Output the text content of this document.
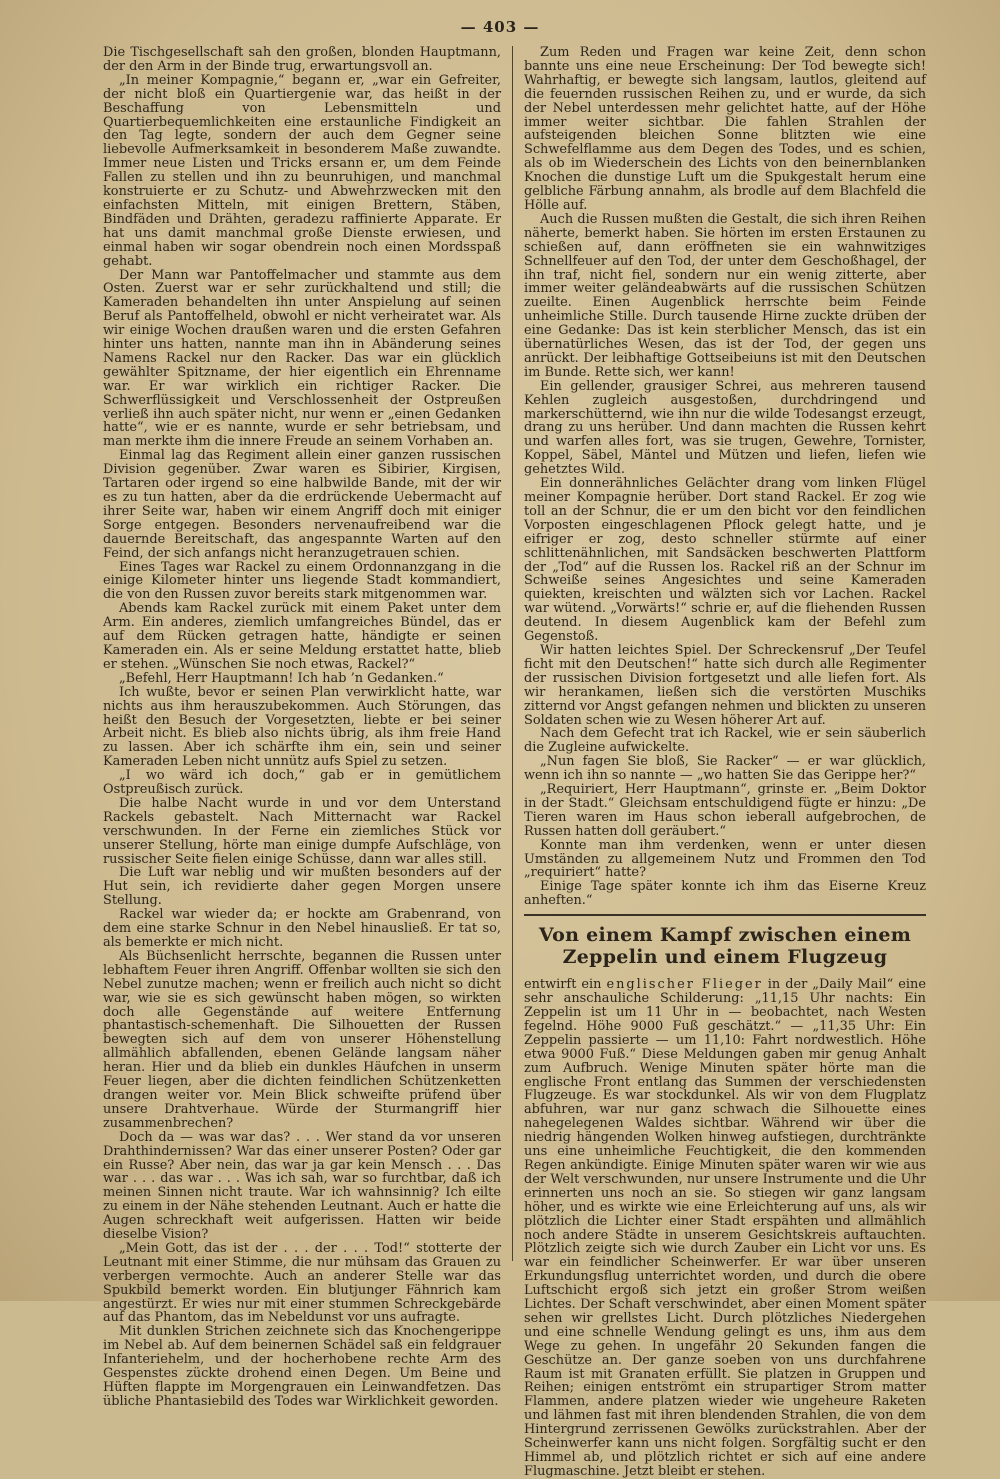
— 403 —

Die Tischgesellschaft sah den großen, blonden Hauptmann, der den Arm in der Binde trug, erwartungsvoll an.

„In meiner Kompagnie,“ begann er, „war ein Gefreiter, der nicht bloß ein Quartiergenie war, das heißt in der Beschaffung von Lebensmitteln und Quartierbequemlichkeiten eine erstaunliche Findigkeit an den Tag legte, sondern der auch dem Gegner seine liebevolle Aufmerksamkeit in besonderem Maße zuwandte. Immer neue Listen und Tricks ersann er, um dem Feinde Fallen zu stellen und ihn zu beunruhigen, und manchmal konstruierte er zu Schutz- und Abwehrzwecken mit den einfachsten Mitteln, mit einigen Brettern, Stäben, Bindfäden und Drähten, geradezu raffinierte Apparate. Er hat uns damit manchmal große Dienste erwiesen, und einmal haben wir sogar obendrein noch einen Mordsspaß gehabt.

Der Mann war Pantoffelmacher und stammte aus dem Osten. Zuerst war er sehr zurückhaltend und still; die Kameraden behandelten ihn unter Anspielung auf seinen Beruf als Pantoffelheld, obwohl er nicht verheiratet war. Als wir einige Wochen draußen waren und die ersten Gefahren hinter uns hatten, nannte man ihn in Abänderung seines Namens Rackel nur den Racker. Das war ein glücklich gewählter Spitzname, der hier eigentlich ein Ehrenname war. Er war wirklich ein richtiger Racker. Die Schwerflüssigkeit und Verschlossenheit der Ostpreußen verließ ihn auch später nicht, nur wenn er „einen Gedanken hatte“, wie er es nannte, wurde er sehr betriebsam, und man merkte ihm die innere Freude an seinem Vorhaben an.

Einmal lag das Regiment allein einer ganzen russischen Division gegenüber. Zwar waren es Sibirier, Kirgisen, Tartaren oder irgend so eine halbwilde Bande, mit der wir es zu tun hatten, aber da die erdrückende Uebermacht auf ihrer Seite war, haben wir einem Angriff doch mit einiger Sorge entgegen. Besonders nervenaufreibend war die dauernde Bereitschaft, das angespannte Warten auf den Feind, der sich anfangs nicht heranzugetrauen schien.

Eines Tages war Rackel zu einem Ordonnanzgang in die einige Kilometer hinter uns liegende Stadt kommandiert, die von den Russen zuvor bereits stark mitgenommen war.

Abends kam Rackel zurück mit einem Paket unter dem Arm. Ein anderes, ziemlich umfangreiches Bündel, das er auf dem Rücken getragen hatte, händigte er seinen Kameraden ein. Als er seine Meldung erstattet hatte, blieb er stehen. „Wünschen Sie noch etwas, Rackel?“

„Befehl, Herr Hauptmann! Ich hab ’n Gedanken.“

Ich wußte, bevor er seinen Plan verwirklicht hatte, war nichts aus ihm herauszubekommen. Auch Störungen, das heißt den Besuch der Vorgesetzten, liebte er bei seiner Arbeit nicht. Es blieb also nichts übrig, als ihm freie Hand zu lassen. Aber ich schärfte ihm ein, sein und seiner Kameraden Leben nicht unnütz aufs Spiel zu setzen.

„I wo wärd ich doch,“ gab er in gemütlichem Ostpreußisch zurück.

Die halbe Nacht wurde in und vor dem Unterstand Rackels gebastelt. Nach Mitternacht war Rackel verschwunden. In der Ferne ein ziemliches Stück vor unserer Stellung, hörte man einige dumpfe Aufschläge, von russischer Seite fielen einige Schüsse, dann war alles still.

Die Luft war neblig und wir mußten besonders auf der Hut sein, ich revidierte daher gegen Morgen unsere Stellung.

Rackel war wieder da; er hockte am Grabenrand, von dem eine starke Schnur in den Nebel hinausließ. Er tat so, als bemerkte er mich nicht.

Als Büchsenlicht herrschte, begannen die Russen unter lebhaftem Feuer ihren Angriff. Offenbar wollten sie sich den Nebel zunutze machen; wenn er freilich auch nicht so dicht war, wie sie es sich gewünscht haben mögen, so wirkten doch alle Gegenstände auf weitere Entfernung phantastisch-schemenhaft. Die Silhouetten der Russen bewegten sich auf dem von unserer Höhenstellung allmählich abfallenden, ebenen Gelände langsam näher heran. Hier und da blieb ein dunkles Häufchen in unserm Feuer liegen, aber die dichten feindlichen Schützenketten drangen weiter vor. Mein Blick schweifte prüfend über unsere Drahtverhaue. Würde der Sturmangriff hier zusammenbrechen?

Doch da — was war das? . . . Wer stand da vor unseren Drahthindernissen? War das einer unserer Posten? Oder gar ein Russe? Aber nein, das war ja gar kein Mensch . . . Das war . . . das war . . . Was ich sah, war so furchtbar, daß ich meinen Sinnen nicht traute. War ich wahnsinnig? Ich eilte zu einem in der Nähe stehenden Leutnant. Auch er hatte die Augen schreckhaft weit aufgerissen. Hatten wir beide dieselbe Vision?

„Mein Gott, das ist der . . . der . . . Tod!“ stotterte der Leutnant mit einer Stimme, die nur mühsam das Grauen zu verbergen vermochte. Auch an anderer Stelle war das Spukbild bemerkt worden. Ein blutjunger Fähnrich kam angestürzt. Er wies nur mit einer stummen Schreckgebärde auf das Phantom, das im Nebeldunst vor uns aufragte.

Mit dunklen Strichen zeichnete sich das Knochengerippe im Nebel ab. Auf dem beinernen Schädel saß ein feldgrauer Infanteriehelm, und der hocherhobene rechte Arm des Gespenstes zückte drohend einen Degen. Um Beine und Hüften flappte im Morgengrauen ein Leinwandfetzen. Das übliche Phantasiebild des Todes war Wirklichkeit geworden.

Zum Reden und Fragen war keine Zeit, denn schon bannte uns eine neue Erscheinung: Der Tod bewegte sich! Wahrhaftig, er bewegte sich langsam, lautlos, gleitend auf die feuernden russischen Reihen zu, und er wurde, da sich der Nebel unterdessen mehr gelichtet hatte, auf der Höhe immer weiter sichtbar. Die fahlen Strahlen der aufsteigenden bleichen Sonne blitzten wie eine Schwefelflamme aus dem Degen des Todes, und es schien, als ob im Wiederschein des Lichts von den beinernblanken Knochen die dunstige Luft um die Spukgestalt herum eine gelbliche Färbung annahm, als brodle auf dem Blachfeld die Hölle auf.

Auch die Russen mußten die Gestalt, die sich ihren Reihen näherte, bemerkt haben. Sie hörten im ersten Erstaunen zu schießen auf, dann eröffneten sie ein wahnwitziges Schnellfeuer auf den Tod, der unter dem Geschoßhagel, der ihn traf, nicht fiel, sondern nur ein wenig zitterte, aber immer weiter geländeabwärts auf die russischen Schützen zueilte. Einen Augenblick herrschte beim Feinde unheimliche Stille. Durch tausende Hirne zuckte drüben der eine Gedanke: Das ist kein sterblicher Mensch, das ist ein übernatürliches Wesen, das ist der Tod, der gegen uns anrückt. Der leibhaftige Gottseibeiuns ist mit den Deutschen im Bunde. Rette sich, wer kann!

Ein gellender, grausiger Schrei, aus mehreren tausend Kehlen zugleich ausgestoßen, durchdringend und markerschütternd, wie ihn nur die wilde Todesangst erzeugt, drang zu uns herüber. Und dann machten die Russen kehrt und warfen alles fort, was sie trugen, Gewehre, Tornister, Koppel, Säbel, Mäntel und Mützen und liefen, liefen wie gehetztes Wild.

Ein donnerähnliches Gelächter drang vom linken Flügel meiner Kompagnie herüber. Dort stand Rackel. Er zog wie toll an der Schnur, die er um den bicht vor den feindlichen Vorposten eingeschlagenen Pflock gelegt hatte, und je eifriger er zog, desto schneller stürmte auf einer schlittenähnlichen, mit Sandsäcken beschwerten Plattform der „Tod“ auf die Russen los. Rackel riß an der Schnur im Schweiße seines Angesichtes und seine Kameraden quiekten, kreischten und wälzten sich vor Lachen. Rackel war wütend. „Vorwärts!“ schrie er, auf die fliehenden Russen deutend. In diesem Augenblick kam der Befehl zum Gegenstoß.

Wir hatten leichtes Spiel. Der Schreckensruf „Der Teufel ficht mit den Deutschen!“ hatte sich durch alle Regimenter der russischen Division fortgesetzt und alle liefen fort. Als wir herankamen, ließen sich die verstörten Muschiks zitternd vor Angst gefangen nehmen und blickten zu unseren Soldaten schen wie zu Wesen höherer Art auf.

Nach dem Gefecht trat ich Rackel, wie er sein säuberlich die Zugleine aufwickelte.

„Nun fagen Sie bloß, Sie Racker“ — er war glücklich, wenn ich ihn so nannte — „wo hatten Sie das Gerippe her?“

„Requiriert, Herr Hauptmann“, grinste er. „Beim Doktor in der Stadt.“ Gleichsam entschuldigend fügte er hinzu: „De Tieren waren im Haus schon ieberall aufgebrochen, de Russen hatten doll geräubert.“

Konnte man ihm verdenken, wenn er unter diesen Umständen zu allgemeinem Nutz und Frommen den Tod „requiriert“ hatte?

Einige Tage später konnte ich ihm das Eiserne Kreuz anheften.“

Von einem Kampf zwischen einem Zeppelin und einem Flugzeug

entwirft ein englischer Flieger in der „Daily Mail“ eine sehr anschauliche Schilderung: „11,15 Uhr nachts: Ein Zeppelin ist um 11 Uhr in — beobachtet, nach Westen fegelnd. Höhe 9000 Fuß geschätzt.“ — „11,35 Uhr: Ein Zeppelin passierte — um 11,10: Fahrt nordwestlich. Höhe etwa 9000 Fuß.“ Diese Meldungen gaben mir genug Anhalt zum Aufbruch. Wenige Minuten später hörte man die englische Front entlang das Summen der verschiedensten Flugzeuge. Es war stockdunkel. Als wir von dem Flugplatz abfuhren, war nur ganz schwach die Silhouette eines nahegelegenen Waldes sichtbar. Während wir über die niedrig hängenden Wolken hinweg aufstiegen, durchtränkte uns eine unheimliche Feuchtigkeit, die den kommenden Regen ankündigte. Einige Minuten später waren wir wie aus der Welt verschwunden, nur unsere Instrumente und die Uhr erinnerten uns noch an sie. So stiegen wir ganz langsam höher, und es wirkte wie eine Erleichterung auf uns, als wir plötzlich die Lichter einer Stadt erspähten und allmählich noch andere Städte in unserem Gesichtskreis auftauchten. Plötzlich zeigte sich wie durch Zauber ein Licht vor uns. Es war ein feindlicher Scheinwerfer. Er war über unseren Erkundungsflug unterrichtet worden, und durch die obere Luftschicht ergoß sich jetzt ein großer Strom weißen Lichtes. Der Schaft verschwindet, aber einen Moment später sehen wir grellstes Licht. Durch plötzliches Niedergehen und eine schnelle Wendung gelingt es uns, ihm aus dem Wege zu gehen. In ungefähr 20 Sekunden fangen die Geschütze an. Der ganze soeben von uns durchfahrene Raum ist mit Granaten erfüllt. Sie platzen in Gruppen und Reihen; einigen entströmt ein strupartiger Strom matter Flammen, andere platzen wieder wie ungeheure Raketen und lähmen fast mit ihren blendenden Strahlen, die von dem Hintergrund zerrissenen Gewölks zurückstrahlen. Aber der Scheinwerfer kann uns nicht folgen. Sorgfältig sucht er den Himmel ab, und plötzlich richtet er sich auf eine andere Flugmaschine. Jetzt bleibt er stehen.
